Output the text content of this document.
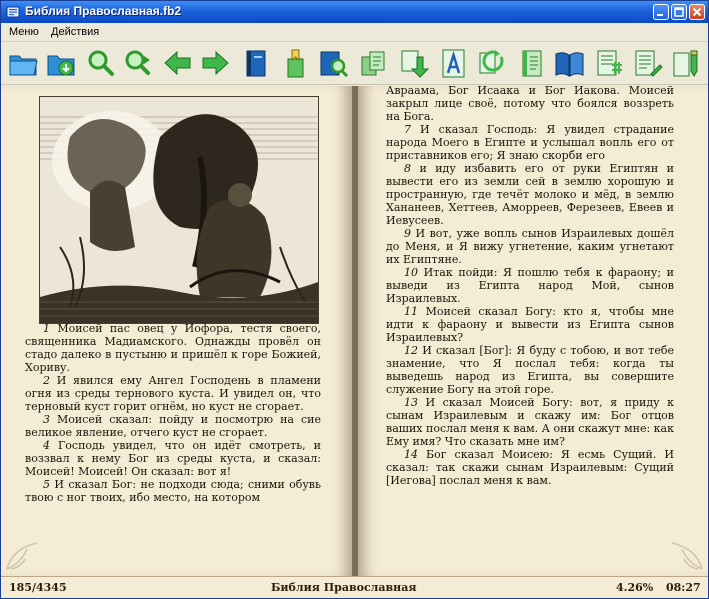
Библия Православная.fb2
Меню Действия

1 Моисей пас овец у Иофора, тестя своего, священника Мадиамского. Однажды провёл он стадо далеко в пустыню и пришёл к горе Божией, Хориву.

2 И явился ему Ангел Господень в пламени огня из среды тернового куста. И увидел он, что терновый куст горит огнём, но куст не сгорает.

3 Моисей сказал: пойду и посмотрю на сие великое явление, отчего куст не сгорает.

4 Господь увидел, что он идёт смотреть, и воззвал к нему Бог из среды куста, и сказал: Моисей! Моисей! Он сказал: вот я!

5 И сказал Бог: не подходи сюда; сними обувь твою с ног твоих, ибо место, на котором

Авраама, Бог Исаака и Бог Иакова. Моисей закрыл лице своё, потому что боялся воззреть на Бога.

7 И сказал Господь: Я увидел страдание народа Моего в Египте и услышал вопль его от приставников его; Я знаю скорби его

8 и иду избавить его от руки Египтян и вывести его из земли сей в землю хорошую и пространную, где течёт молоко и мёд, в землю Хананеев, Хеттеев, Аморреев, Ферезеев, Евеев и Иевусеев.

9 И вот, уже вопль сынов Израилевых дошёл до Меня, и Я вижу угнетение, каким угнетают их Египтяне.

10 Итак пойди: Я пошлю тебя к фараону; и выведи из Египта народ Мой, сынов Израилевых.

11 Моисей сказал Богу: кто я, чтобы мне идти к фараону и вывести из Египта сынов Израилевых?

12 И сказал [Бог]: Я буду с тобою, и вот тебе знамение, что Я послал тебя: когда ты выведешь народ из Египта, вы совершите служение Богу на этой горе.

13 И сказал Моисей Богу: вот, я приду к сынам Израилевым и скажу им: Бог отцов ваших послал меня к вам. А они скажут мне: как Ему имя? Что сказать мне им?

14 Бог сказал Моисею: Я есмь Сущий. И сказал: так скажи сынам Израилевым: Сущий [Иегова] послал меня к вам.

185/4345	Библия Православная	4.26% 08:27
